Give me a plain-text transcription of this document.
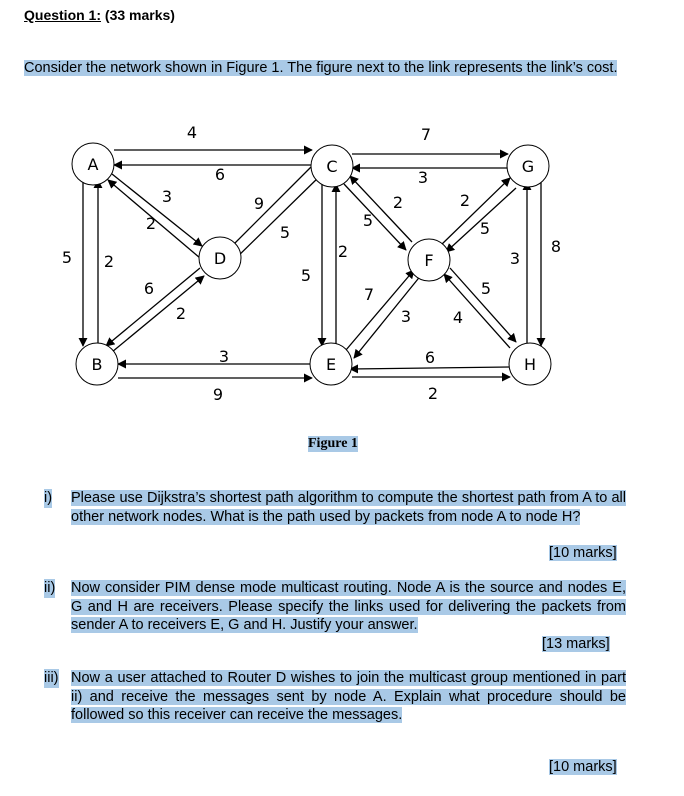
Question 1: (33 marks)
Consider the network shown in Figure 1. The figure next to the link represents the link’s cost.
A
B
C
D
E
F
G
H
4
6
7
3
5 2
3
2
6
2
9
5
5
2
2
5
7
3
2
5
5
4
3
8
3
9
6
2
Figure 1
i) Please use Dijkstra’s shortest path algorithm to compute the shortest path from A to all other network nodes. What is the path used by packets from node A to node H?
[10 marks]
ii) Now consider PIM dense mode multicast routing. Node A is the source and nodes E, G and H are receivers. Please specify the links used for delivering the packets from sender A to receivers E, G and H. Justify your answer.
[13 marks]
iii) Now a user attached to Router D wishes to join the multicast group mentioned in part ii) and receive the messages sent by node A. Explain what procedure should be followed so this receiver can receive the messages.
[10 marks]
